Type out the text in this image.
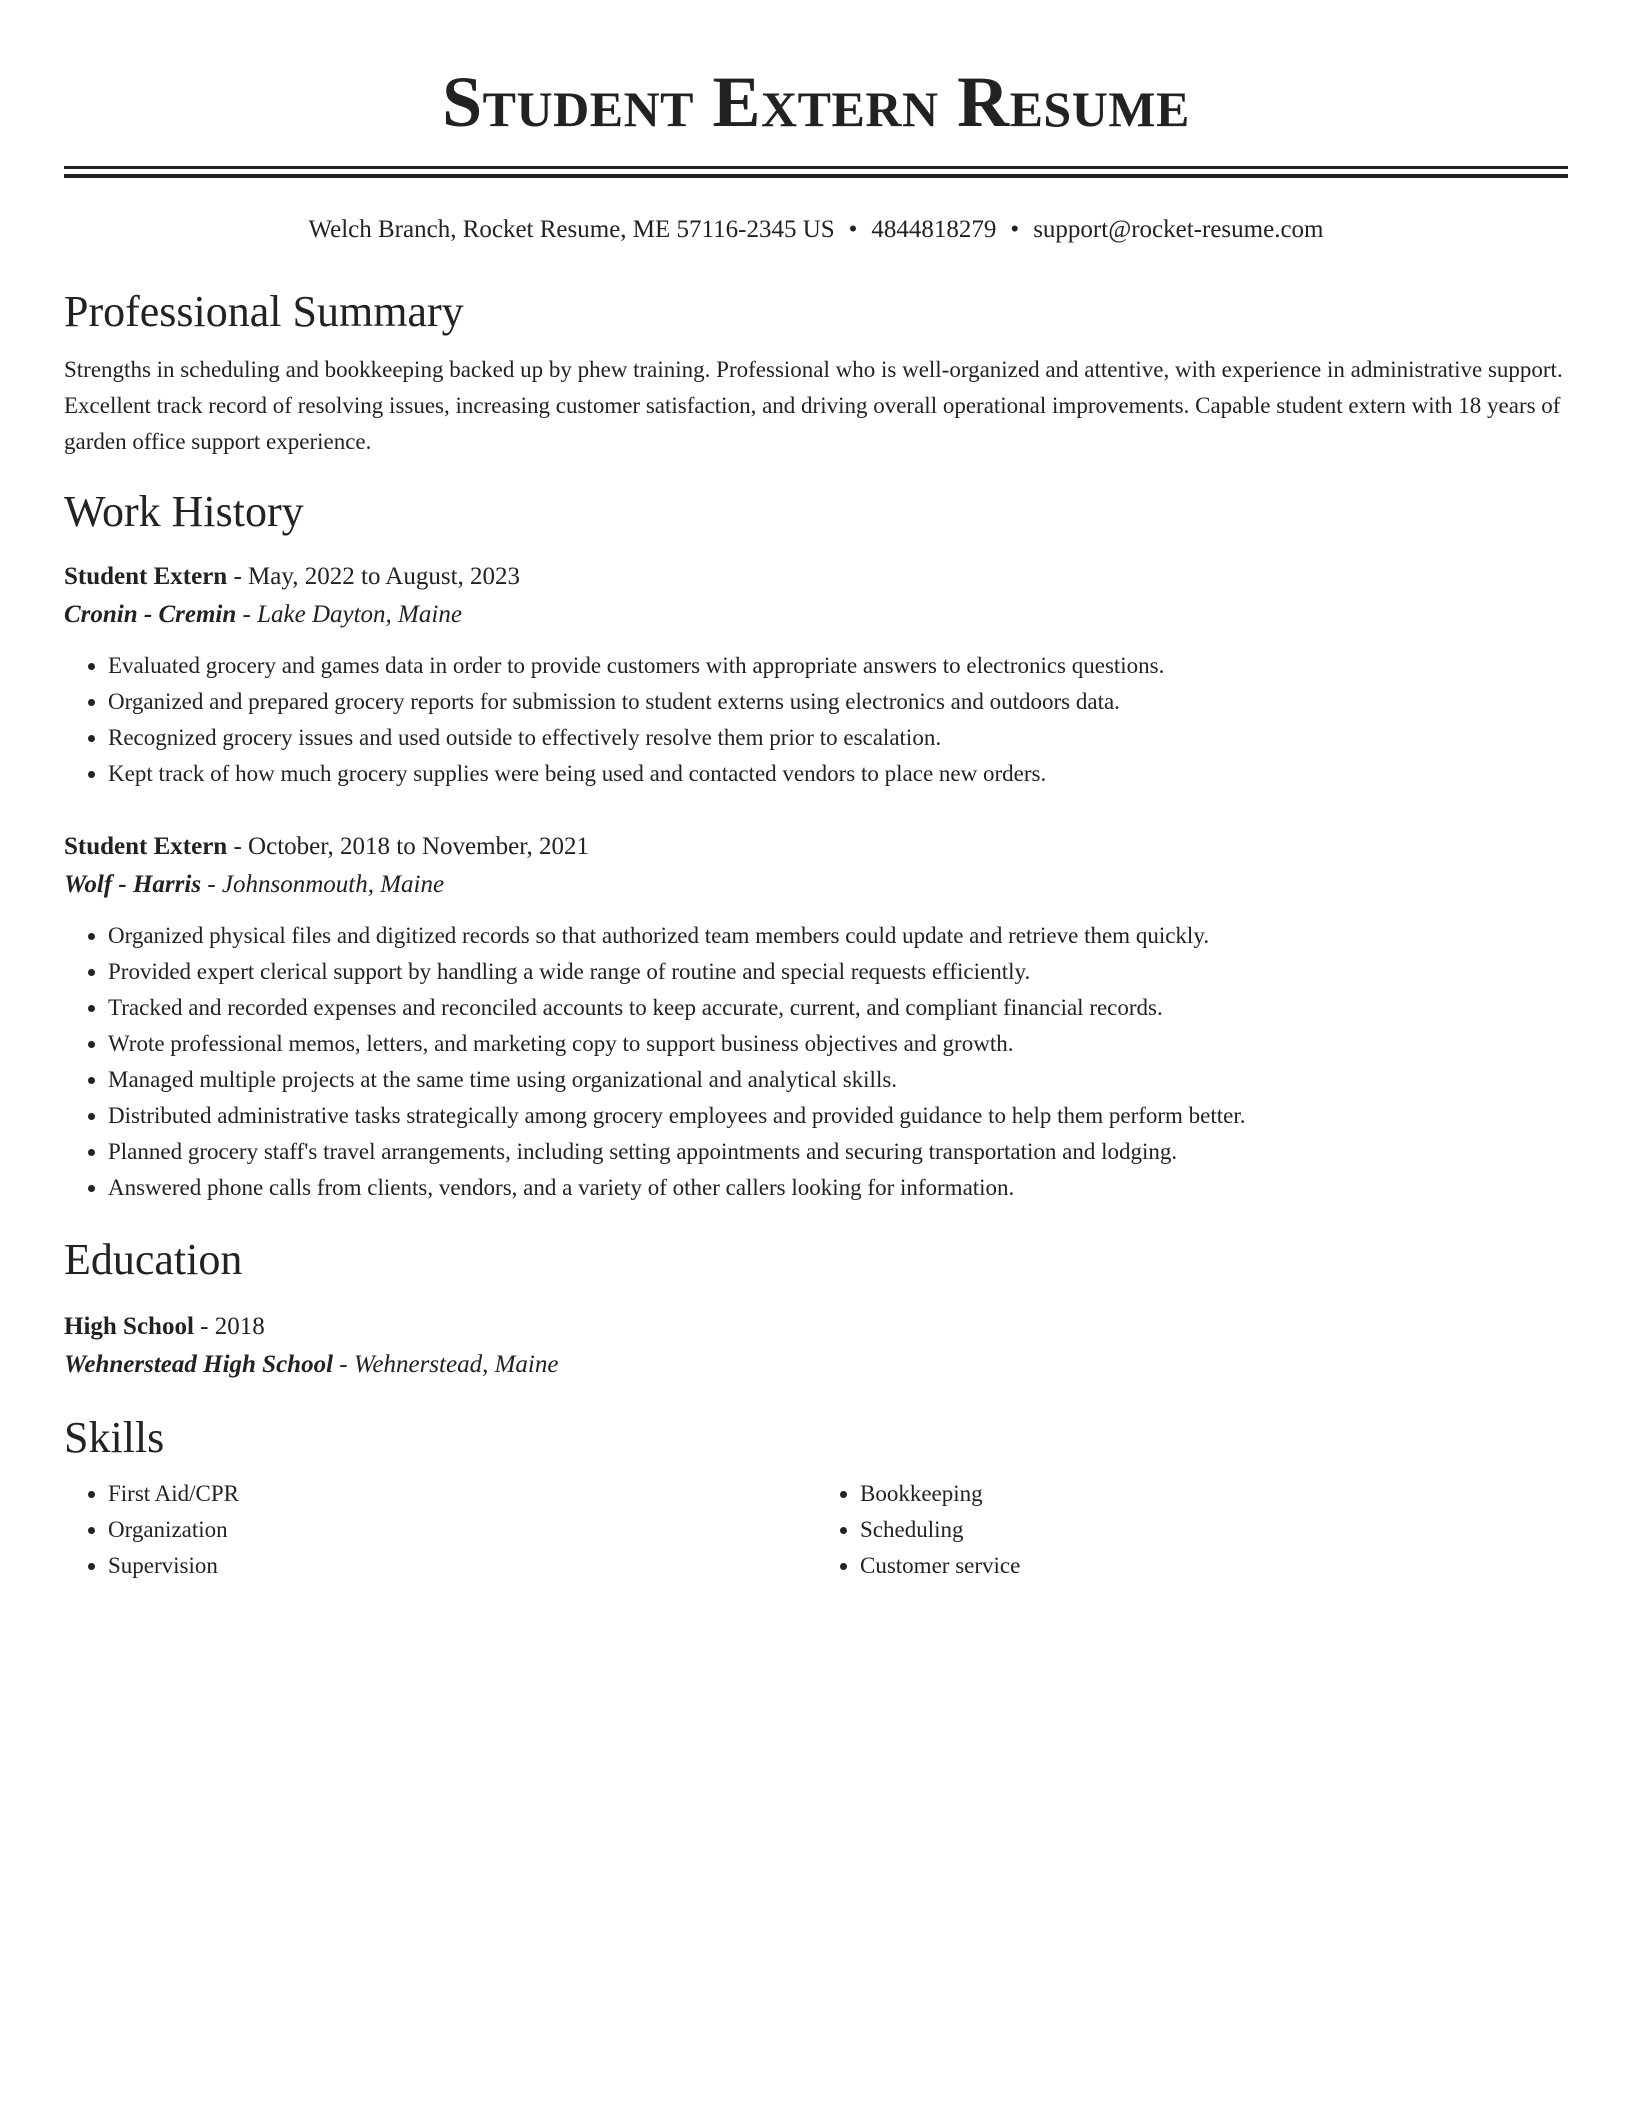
Student Extern Resume
Welch Branch, Rocket Resume, ME 57116-2345 US • 4844818279 • support@rocket-resume.com
Professional Summary
Strengths in scheduling and bookkeeping backed up by phew training. Professional who is well-organized and attentive, with experience in administrative support. Excellent track record of resolving issues, increasing customer satisfaction, and driving overall operational improvements. Capable student extern with 18 years of garden office support experience.
Work History
Student Extern - May, 2022 to August, 2023
Cronin - Cremin - Lake Dayton, Maine
• Evaluated grocery and games data in order to provide customers with appropriate answers to electronics questions.
• Organized and prepared grocery reports for submission to student externs using electronics and outdoors data.
• Recognized grocery issues and used outside to effectively resolve them prior to escalation.
• Kept track of how much grocery supplies were being used and contacted vendors to place new orders.
Student Extern - October, 2018 to November, 2021
Wolf - Harris - Johnsonmouth, Maine
• Organized physical files and digitized records so that authorized team members could update and retrieve them quickly.
• Provided expert clerical support by handling a wide range of routine and special requests efficiently.
• Tracked and recorded expenses and reconciled accounts to keep accurate, current, and compliant financial records.
• Wrote professional memos, letters, and marketing copy to support business objectives and growth.
• Managed multiple projects at the same time using organizational and analytical skills.
• Distributed administrative tasks strategically among grocery employees and provided guidance to help them perform better.
• Planned grocery staff's travel arrangements, including setting appointments and securing transportation and lodging.
• Answered phone calls from clients, vendors, and a variety of other callers looking for information.
Education
High School - 2018
Wehnerstead High School - Wehnerstead, Maine
Skills
• First Aid/CPR
• Organization
• Supervision
• Bookkeeping
• Scheduling
• Customer service
